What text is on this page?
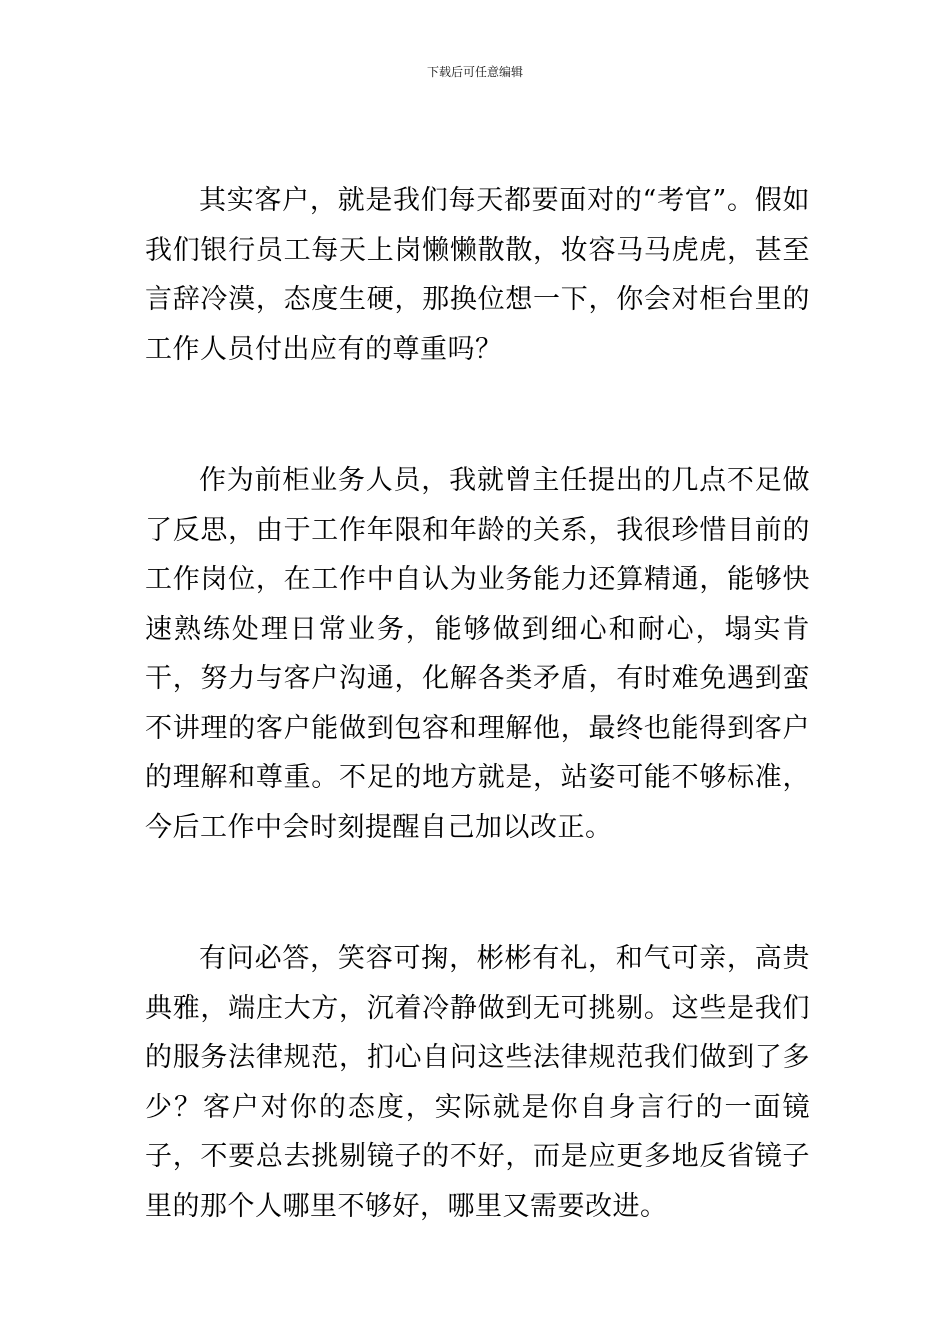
下载后可任意编辑

其实客户，就是我们每天都要面对的“考官”。假如我们银行员工每天上岗懒懒散散，妆容马马虎虎，甚至言辞冷漠，态度生硬，那换位想一下，你会对柜台里的工作人员付出应有的尊重吗？

作为前柜业务人员，我就曾主任提出的几点不足做了反思，由于工作年限和年龄的关系，我很珍惜目前的工作岗位，在工作中自认为业务能力还算精通，能够快速熟练处理日常业务，能够做到细心和耐心，塌实肯干，努力与客户沟通，化解各类矛盾，有时难免遇到蛮不讲理的客户能做到包容和理解他，最终也能得到客户的理解和尊重。不足的地方就是，站姿可能不够标准，今后工作中会时刻提醒自己加以改正。

有问必答，笑容可掬，彬彬有礼，和气可亲，高贵典雅，端庄大方，沉着冷静做到无可挑剔。这些是我们的服务法律规范，扪心自问这些法律规范我们做到了多少？客户对你的态度，实际就是你自身言行的一面镜子，不要总去挑剔镜子的不好，而是应更多地反省镜子里的那个人哪里不够好，哪里又需要改进。
